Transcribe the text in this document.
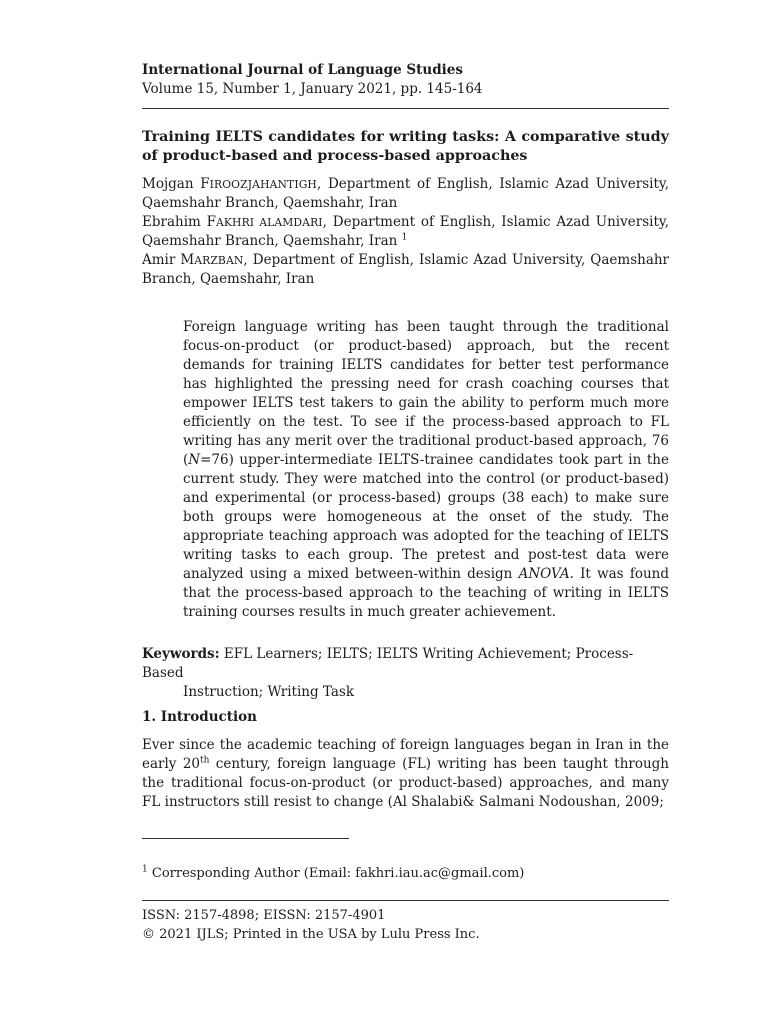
International Journal of Language Studies
Volume 15, Number 1, January 2021, pp. 145-164
Training IELTS candidates for writing tasks: A comparative study of product-based and process-based approaches

Mojgan FIROOZJAHANTIGH, Department of English, Islamic Azad University, Qaemshahr Branch, Qaemshahr, Iran

Ebrahim FAKHRI ALAMDARI, Department of English, Islamic Azad University, Qaemshahr Branch, Qaemshahr, Iran $^1$

Amir MARZBAN, Department of English, Islamic Azad University, Qaemshahr Branch, Qaemshahr, Iran

Foreign language writing has been taught through the traditional focus-on-product (or product-based) approach, but the recent demands for training IELTS candidates for better test performance has highlighted the pressing need for crash coaching courses that empower IELTS test takers to gain the ability to perform much more efficiently on the test. To see if the process-based approach to FL writing has any merit over the traditional product-based approach, 76 (N=76) upper-intermediate IELTS-trainee candidates took part in the current study. They were matched into the control (or product-based) and experimental (or process-based) groups (38 each) to make sure both groups were homogeneous at the onset of the study. The appropriate teaching approach was adopted for the teaching of IELTS writing tasks to each group. The pretest and post-test data were analyzed using a mixed between-within design ANOVA. It was found that the process-based approach to the teaching of writing in IELTS training courses results in much greater achievement.

Keywords: EFL Learners; IELTS; IELTS Writing Achievement; Process-Based
Instruction; Writing Task
1. Introduction

Ever since the academic teaching of foreign languages began in Iran in the early 20th century, foreign language (FL) writing has been taught through the traditional focus-on-product (or product-based) approaches, and many FL instructors still resist to change (Al Shalabi& Salmani Nodoushan, 2009;

$^1$ Corresponding Author (Email: fakhri.iau.ac@gmail.com)

ISSN: 2157-4898; EISSN: 2157-4901

© 2021 IJLS; Printed in the USA by Lulu Press Inc.
